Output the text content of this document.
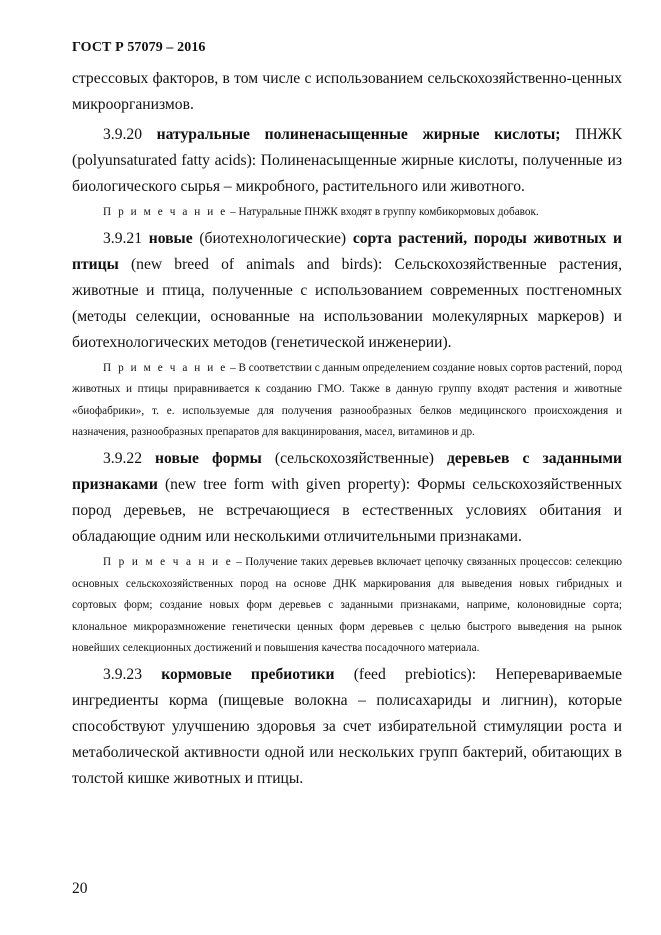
ГОСТ Р 57079 – 2016

стрессовых факторов, в том числе с использованием сельскохозяйственно-ценных микроорганизмов.

3.9.20 натуральные полиненасыщенные жирные кислоты; ПНЖК (polyunsaturated fatty acids): Полиненасыщенные жирные кислоты, полученные из биологического сырья – микробного, растительного или животного.

П р и м е ч а н и е – Натуральные ПНЖК входят в группу комбикормовых добавок.

3.9.21 новые (биотехнологические) сорта растений, породы животных и птицы (new breed of animals and birds): Сельскохозяйственные растения, животные и птица, полученные с использованием современных постгеномных (методы селекции, основанные на использовании молекулярных маркеров) и биотехнологических методов (генетической инженерии).

П р и м е ч а н и е – В соответствии с данным определением создание новых сортов растений, пород животных и птицы приравнивается к созданию ГМО. Также в данную группу входят растения и животные «биофабрики», т. е. используемые для получения разнообразных белков медицинского происхождения и назначения, разнообразных препаратов для вакцинирования, масел, витаминов и др.

3.9.22 новые формы (сельскохозяйственные) деревьев с заданными признаками (new tree form with given property): Формы сельскохозяйственных пород деревьев, не встречающиеся в естественных условиях обитания и обладающие одним или несколькими отличительными признаками.

П р и м е ч а н и е – Получение таких деревьев включает цепочку связанных процессов: селекцию основных сельскохозяйственных пород на основе ДНК маркирования для выведения новых гибридных и сортовых форм; создание новых форм деревьев с заданными признаками, наприме, колоновидные сорта; клональное микроразмножение генетически ценных форм деревьев с целью быстрого выведения на рынок новейших селекционных достижений и повышения качества посадочного материала.

3.9.23 кормовые пребиотики (feed prebiotics): Неперевариваемые ингредиенты корма (пищевые волокна – полисахариды и лигнин), которые способствуют улучшению здоровья за счет избирательной стимуляции роста и метаболической активности одной или нескольких групп бактерий, обитающих в толстой кишке животных и птицы.

20
